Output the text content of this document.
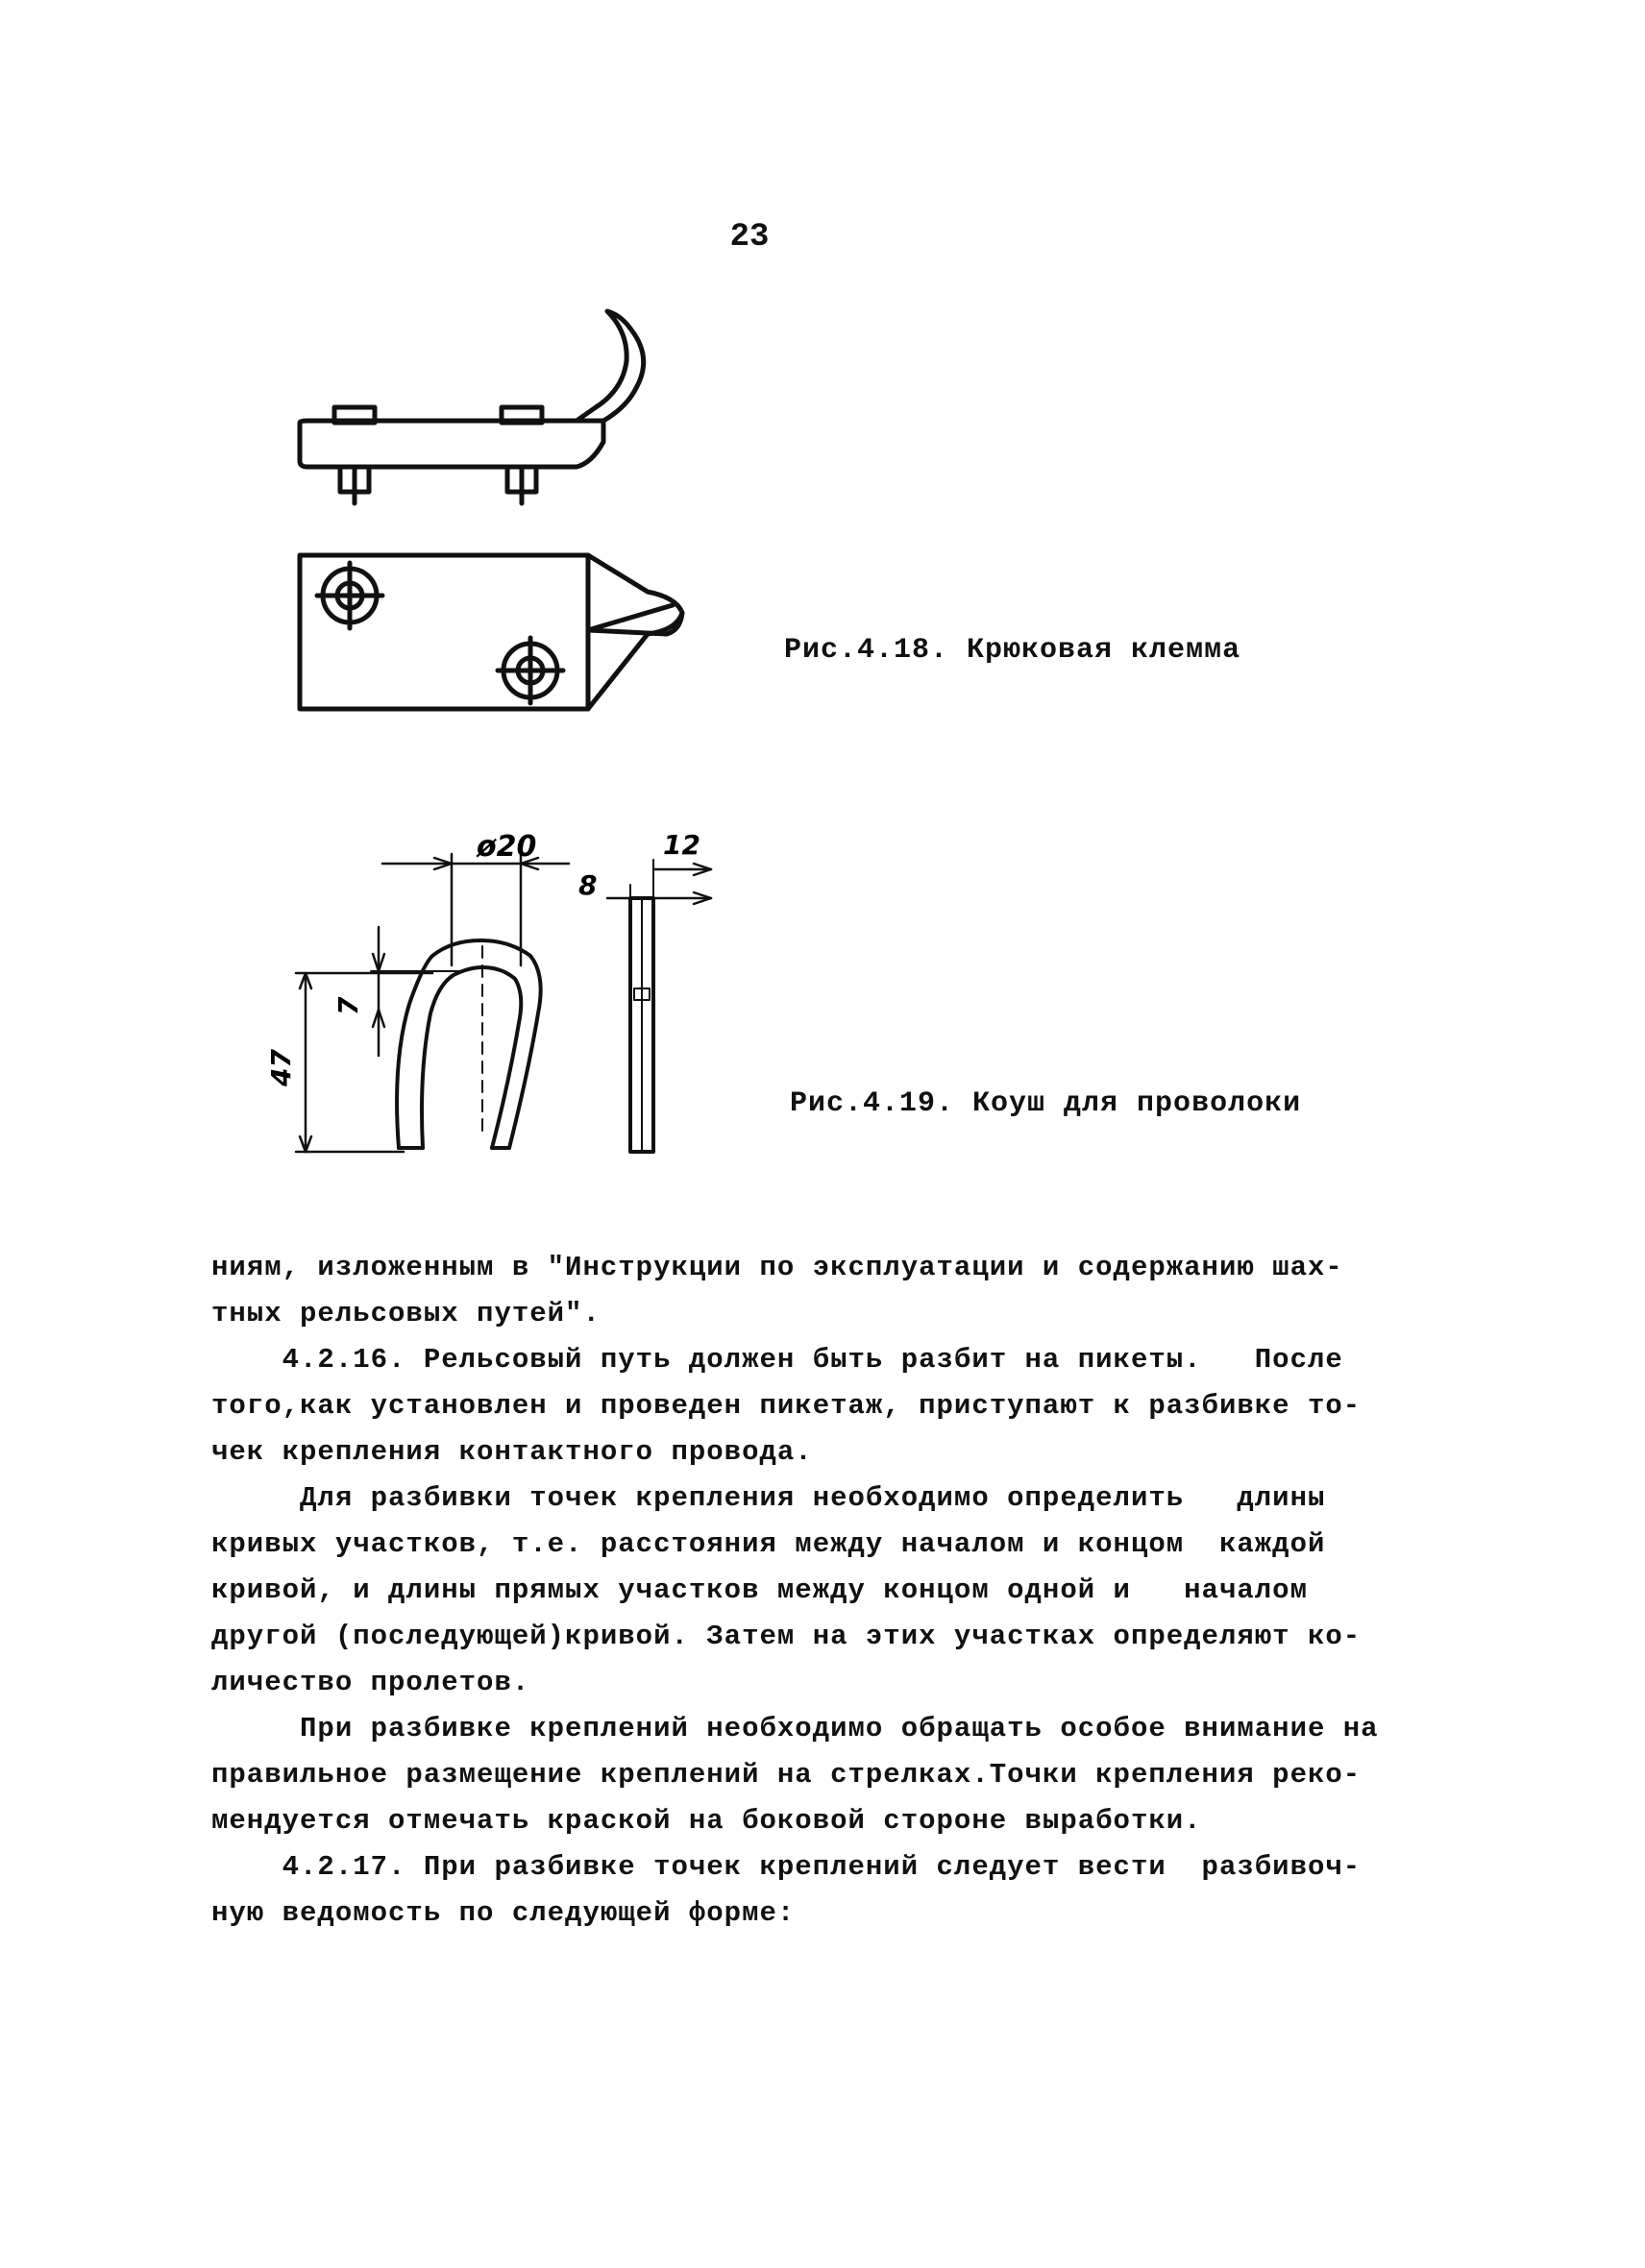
23
Рис.4.18. Крюковая клемма
ø20	12
8
7
47
Рис.4.19. Коуш для проволоки
ниям, изложенным в "Инструкции по эксплуатации и содержанию шах-
тных рельсовых путей".
4.2.16. Рельсовый путь должен быть разбит на пикеты.   После
того,как установлен и проведен пикетаж, приступают к разбивке то-
чек крепления контактного провода.
Для разбивки точек крепления необходимо определить   длины
кривых участков, т.е. расстояния между началом и концом  каждой
кривой, и длины прямых участков между концом одной и   началом
другой (последующей)кривой. Затем на этих участках определяют ко-
личество пролетов.
При разбивке креплений необходимо обращать особое внимание на
правильное размещение креплений на стрелках.Точки крепления реко-
мендуется отмечать краской на боковой стороне выработки.
4.2.17. При разбивке точек креплений следует вести  разбивоч-
ную ведомость по следующей форме:
